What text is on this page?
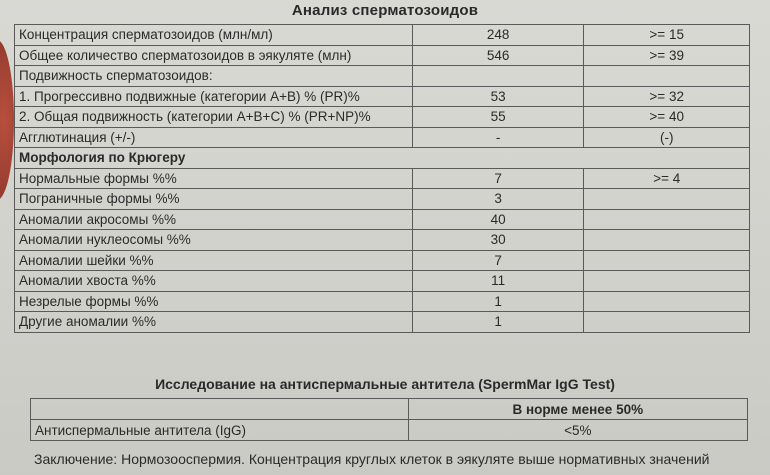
Анализ сперматозоидов
Концентрация сперматозоидов (млн/мл)	248	>= 15
Общее количество сперматозоидов в эякуляте (млн)	546	>= 39
Подвижность сперматозоидов:		
1. Прогрессивно подвижные (категории А+В) % (PR)%	53	>= 32
2. Общая подвижность (категории А+В+С) % (PR+NP)%	55	>= 40
Агглютинация (+/-)	-	(-)
Морфология по Крюгеру		
Нормальные формы %%	7	>= 4
Пограничные формы %%	3	
Аномалии акросомы %%	40	
Аномалии нуклеосомы %%	30	
Аномалии шейки %%	7	
Аномалии хвоста %%	11	
Незрелые формы %%	1	
Другие аномалии %%	1	
Исследование на антиспермальные антитела (SpermMar IgG Test)
	В норме менее 50%
Антиспермальные антитела (IgG)	<5%
Заключение: Нормозооспермия. Концентрация круглых клеток в эякуляте выше нормативных значений
